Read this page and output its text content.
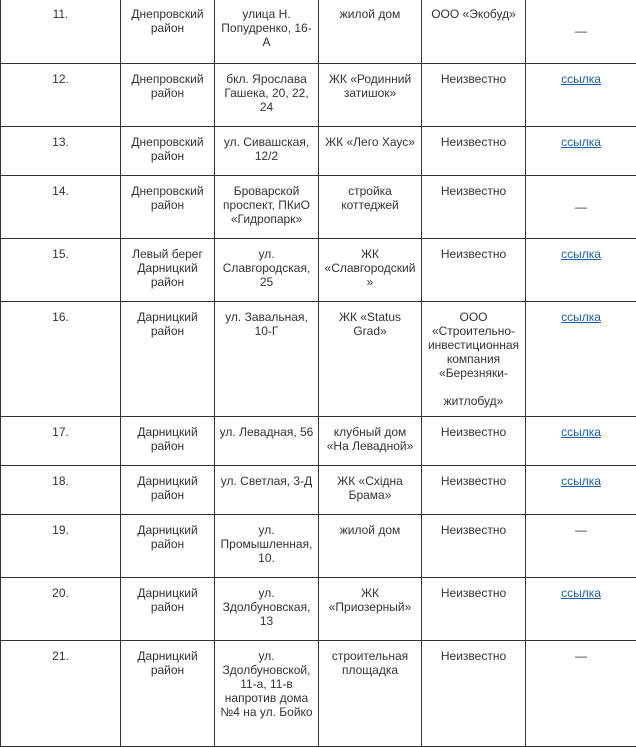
11.	Днепровский район	улица Н. Попудренко, 16-А	жилой дом	ООО «Экобуд»	—
12.	Днепровский район	бкл. Ярослава Гашека, 20, 22, 24	ЖК «Родинний затишок»	Неизвестно	ссылка
13.	Днепровский район	ул. Сивашская, 12/2	ЖК «Лего Хаус»	Неизвестно	ссылка
14.	Днепровский район	Броварской проспект, ПКиО «Гидропарк»	стройка коттеджей	Неизвестно	—
15.	Левый берег Дарницкий район	ул. Славгородская, 25	ЖК «Славгородский»	Неизвестно	ссылка
16.	Дарницкий район	ул. Завальная, 10-Г	ЖК «Status Grad»	ООО «Строительно-инвестиционная компания «Березняки-
житлобуд»	ссылка
17.	Дарницкий район	ул. Левадная, 56	клубный дом «На Левадной»	Неизвестно	ссылка
18.	Дарницкий район	ул. Светлая, 3-Д	ЖК «Схiдна Брама»	Неизвестно	ссылка
19.	Дарницкий район	ул. Промышленная, 10.	жилой дом	Неизвестно	—
20.	Дарницкий район	ул. Здолбуновская, 13	ЖК «Приозерный»	Неизвестно	ссылка
21.	Дарницкий район	ул. Здолбуновской, 11-а, 11-в напротив дома №4 на ул. Бойко	строительная площадка	Неизвестно	—
